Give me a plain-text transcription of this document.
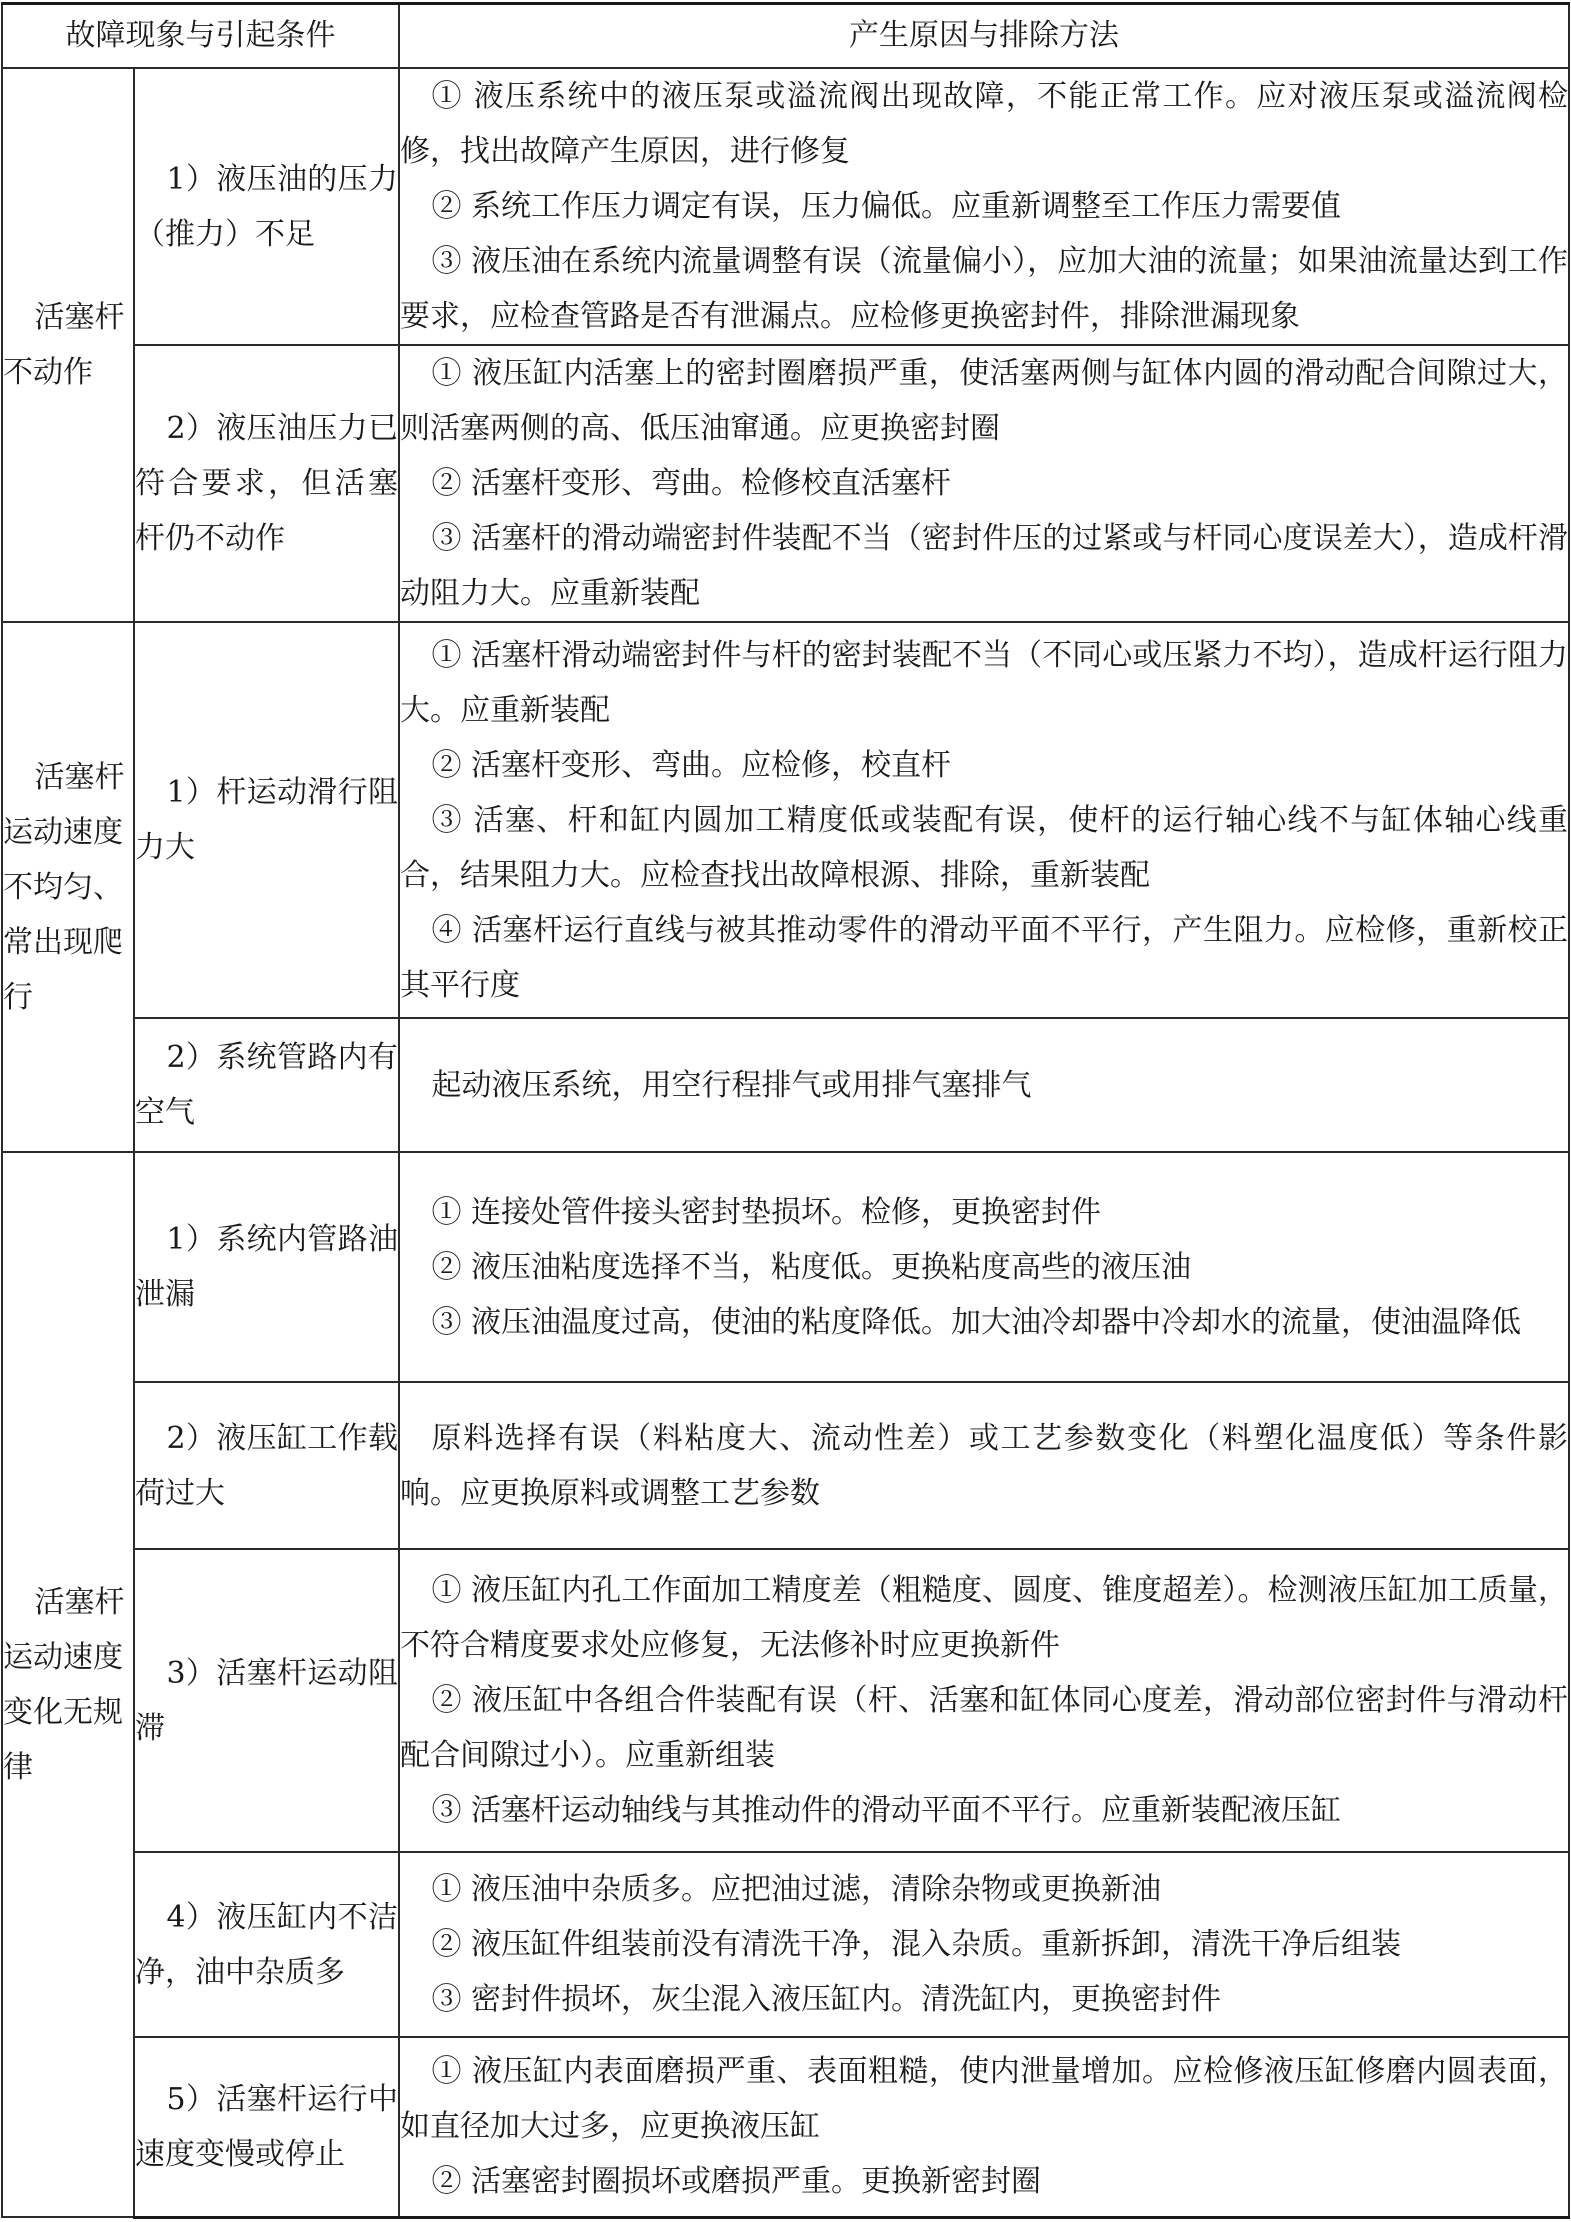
故障现象与引起条件		产生原因与排除方法

活塞杆不动作	1）液压油的压力（推力）不足	① 液压系统中的液压泵或溢流阀出现故障，不能正常工作。应对液压泵或溢流阀检修，找出故障产生原因，进行修复
② 系统工作压力调定有误，压力偏低。应重新调整至工作压力需要值
③ 液压油在系统内流量调整有误（流量偏小），应加大油的流量；如果油流量达到工作要求，应检查管路是否有泄漏点。应检修更换密封件，排除泄漏现象

	2）液压油压力已符合要求，但活塞杆仍不动作	① 液压缸内活塞上的密封圈磨损严重，使活塞两侧与缸体内圆的滑动配合间隙过大，则活塞两侧的高、低压油窜通。应更换密封圈
② 活塞杆变形、弯曲。检修校直活塞杆
③ 活塞杆的滑动端密封件装配不当（密封件压的过紧或与杆同心度误差大），造成杆滑动阻力大。应重新装配

活塞杆运动速度不均匀、常出现爬行	1）杆运动滑行阻力大	① 活塞杆滑动端密封件与杆的密封装配不当（不同心或压紧力不均），造成杆运行阻力大。应重新装配
② 活塞杆变形、弯曲。应检修，校直杆
③ 活塞、杆和缸内圆加工精度低或装配有误，使杆的运行轴心线不与缸体轴心线重合，结果阻力大。应检查找出故障根源、排除，重新装配
④ 活塞杆运行直线与被其推动零件的滑动平面不平行，产生阻力。应检修，重新校正其平行度

	2）系统管路内有空气	起动液压系统，用空行程排气或用排气塞排气

活塞杆运动速度变化无规律	1）系统内管路油泄漏	① 连接处管件接头密封垫损坏。检修，更换密封件
② 液压油粘度选择不当，粘度低。更换粘度高些的液压油
③ 液压油温度过高，使油的粘度降低。加大油冷却器中冷却水的流量，使油温降低

	2）液压缸工作载荷过大	原料选择有误（料粘度大、流动性差）或工艺参数变化（料塑化温度低）等条件影响。应更换原料或调整工艺参数

	3）活塞杆运动阻滞	① 液压缸内孔工作面加工精度差（粗糙度、圆度、锥度超差）。检测液压缸加工质量，不符合精度要求处应修复，无法修补时应更换新件
② 液压缸中各组合件装配有误（杆、活塞和缸体同心度差，滑动部位密封件与滑动杆配合间隙过小）。应重新组装
③ 活塞杆运动轴线与其推动件的滑动平面不平行。应重新装配液压缸

	4）液压缸内不洁净，油中杂质多	① 液压油中杂质多。应把油过滤，清除杂物或更换新油
② 液压缸件组装前没有清洗干净，混入杂质。重新拆卸，清洗干净后组装
③ 密封件损坏，灰尘混入液压缸内。清洗缸内，更换密封件

	5）活塞杆运行中速度变慢或停止	① 液压缸内表面磨损严重、表面粗糙，使内泄量增加。应检修液压缸修磨内圆表面，如直径加大过多，应更换液压缸
② 活塞密封圈损坏或磨损严重。更换新密封圈
